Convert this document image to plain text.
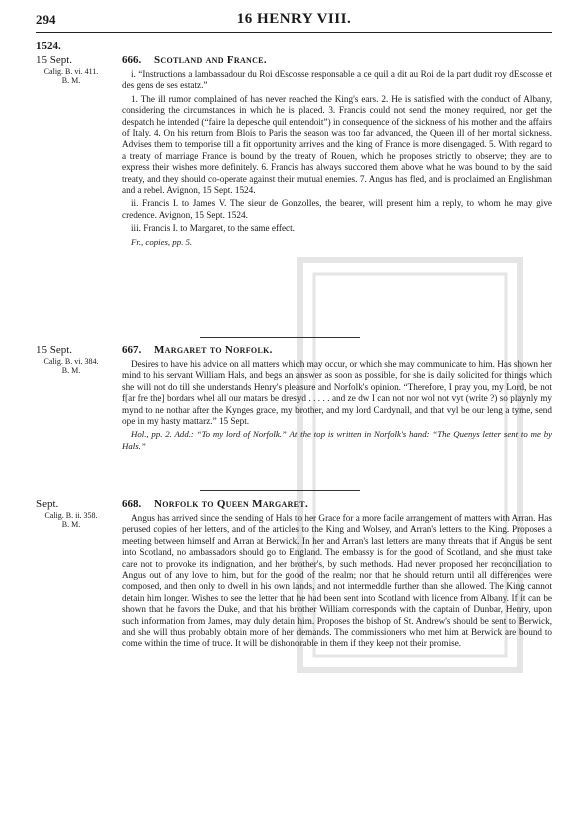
294	16 HENRY VIII.
1524.
15 Sept.
Calig. B. vi. 411.
B. M.
666. Scotland and France.

i. “Instructions a lambassadour du Roi dEscosse responsable a ce quil a dit au Roi de la part dudit roy dEscosse et des gens de ses estatz.”

1. The ill rumor complained of has never reached the King's ears. 2. He is satisfied with the conduct of Albany, considering the circumstances in which he is placed. 3. Francis could not send the money required, nor get the despatch he intended (“faire la depesche quil entendoit”) in consequence of the sickness of his mother and the affairs of Italy. 4. On his return from Blois to Paris the season was too far advanced, the Queen ill of her mortal sickness. Advises them to temporise till a fit opportunity arrives and the king of France is more disengaged. 5. With regard to a treaty of marriage France is bound by the treaty of Rouen, which he proposes strictly to observe; they are to express their wishes more definitely. 6. Francis has always succored them above what he was bound to by the said treaty, and they should co-operate against their mutual enemies. 7. Angus has fled, and is proclaimed an Englishman and a rebel. Avignon, 15 Sept. 1524.

ii. Francis I. to James V. The sieur de Gonzolles, the bearer, will present him a reply, to whom he may give credence. Avignon, 15 Sept. 1524.

iii. Francis I. to Margaret, to the same effect.

Fr., copies, pp. 5.

15 Sept.
Calig. B. vi. 384.
B. M.
667. Margaret to Norfolk.

Desires to have his advice on all matters which may occur, or which she may communicate to him. Has shown her mind to his servant William Hals, and begs an answer as soon as possible, for she is daily solicited for things which she will not do till she understands Henry's pleasure and Norfolk's opinion. “Therefore, I pray you, my Lord, be not f[ar fre the] bordars whel all our matars be dresyd . . . . . and ze dw I can not nor wol not vyt (write ?) so playnly my mynd to ne nothar after the Kynges grace, my brother, and my lord Cardynall, and that vyl be our leng a tyme, send ope in my hasty mattarz.” 15 Sept.

Hol., pp. 2. Add.: “To my lord of Norfolk.” At the top is written in Norfolk's hand: “The Quenys letter sent to me by Hals.”

Sept.
Calig. B. ii. 358.
B. M.
668. Norfolk to Queen Margaret.

Angus has arrived since the sending of Hals to her Grace for a more facile arrangement of matters with Arran. Has perused copies of her letters, and of the articles to the King and Wolsey, and Arran's letters to the King. Proposes a meeting between himself and Arran at Berwick. In her and Arran's last letters are many threats that if Angus be sent into Scotland, no ambassadors should go to England. The embassy is for the good of Scotland, and she must take care not to provoke its indignation, and her brother's, by such methods. Had never proposed her reconciliation to Angus out of any love to him, but for the good of the realm; nor that he should return until all differences were composed, and then only to dwell in his own lands, and not intermeddle further than she allowed. The King cannot detain him longer. Wishes to see the letter that he had been sent into Scotland with licence from Albany. If it can be shown that he favors the Duke, and that his brother William corresponds with the captain of Dunbar, Henry, upon such information from James, may duly detain him. Proposes the bishop of St. Andrew's should be sent to Berwick, and she will thus probably obtain more of her demands. The commissioners who met him at Berwick are bound to come within the time of truce. It will be dishonorable in them if they keep not their promise.
